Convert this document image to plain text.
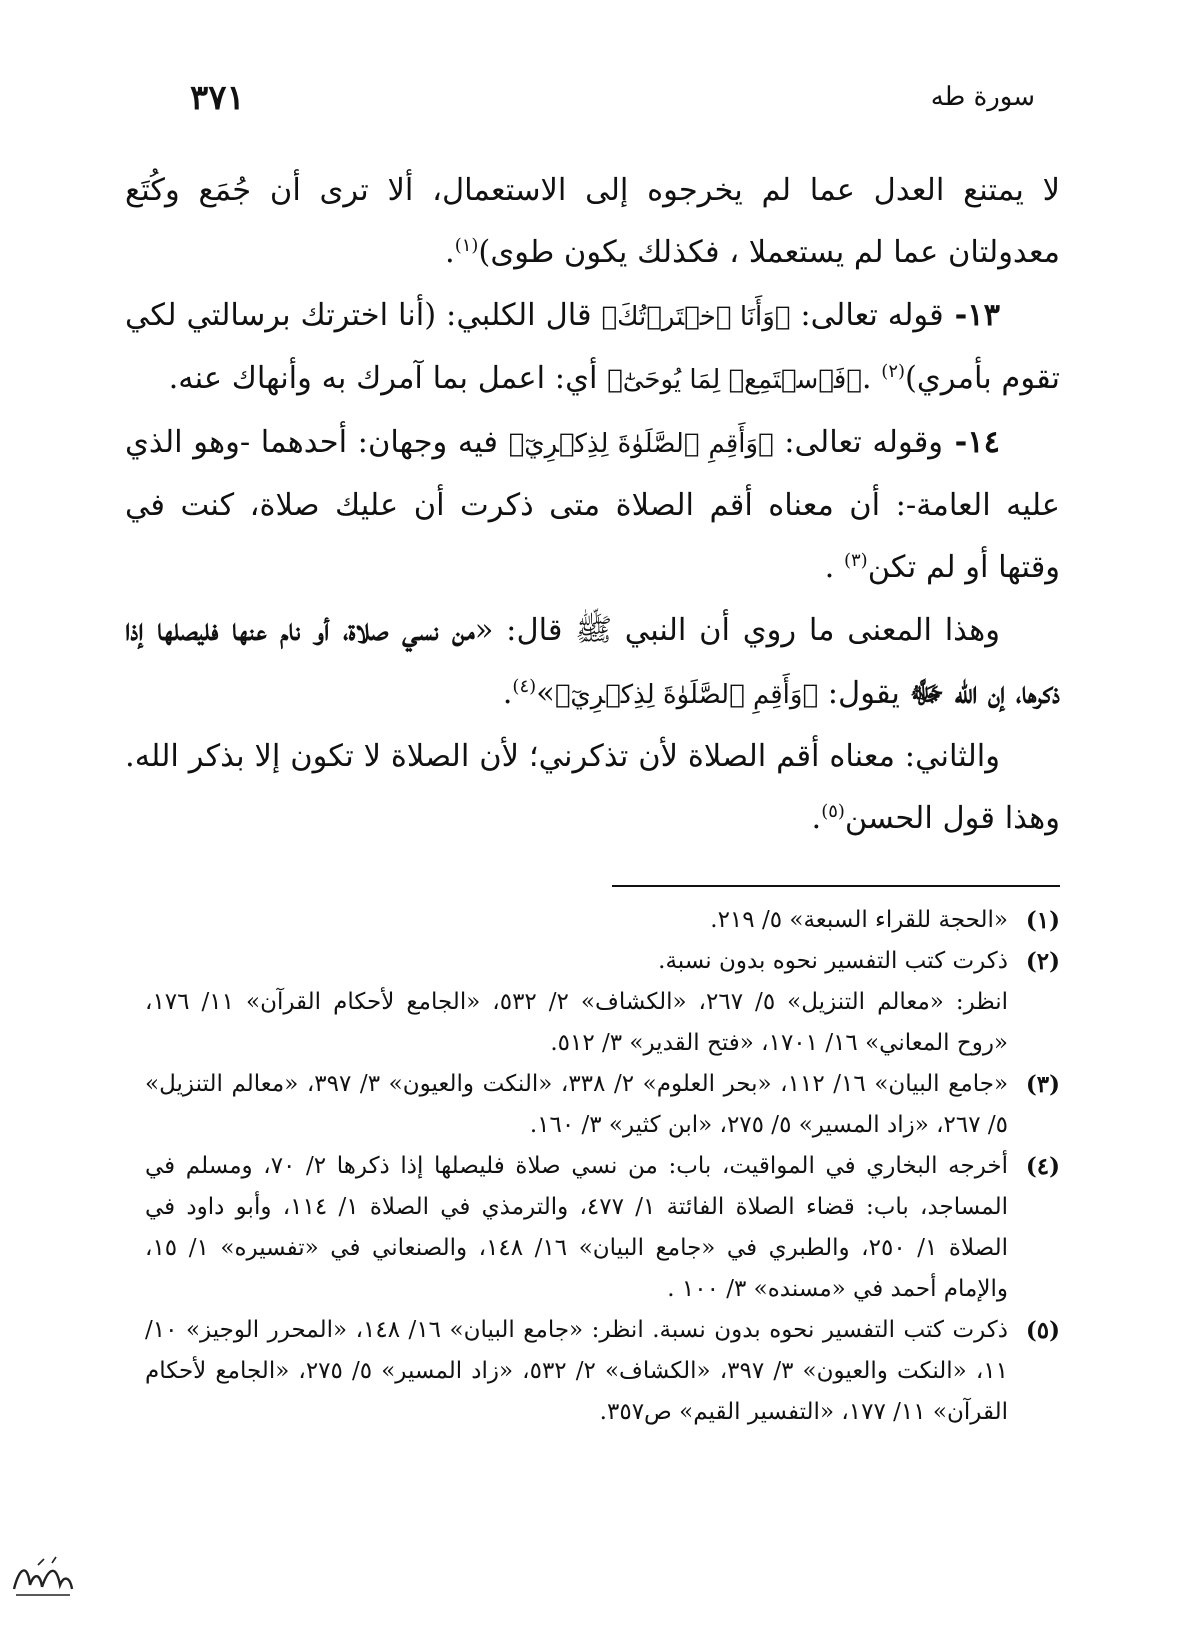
٣٧١	سورة طه

لا يمتنع العدل عما لم يخرجوه إلى الاستعمال، ألا ترى أن جُمَع وكُتَع معدولتان عما لم يستعملا ، فكذلك يكون طوى)$^{(١)}$.

١٣- قوله تعالى: ﴿وَأَنَا ٱخۡتَرۡتُكَ﴾ قال الكلبي: (أنا اخترتك برسالتي لكي تقوم بأمري)$^{(٢)}$ .﴿فَٱسۡتَمِعۡ لِمَا يُوحَىٰٓ﴾ أي: اعمل بما آمرك به وأنهاك عنه.

١٤- وقوله تعالى: ﴿وَأَقِمِ ٱلصَّلَوٰةَ لِذِكۡرِيٓ﴾ فيه وجهان: أحدهما -وهو الذي عليه العامة-: أن معناه أقم الصلاة متى ذكرت أن عليك صلاة، كنت في وقتها أو لم تكن$^{(٣)}$ .

وهذا المعنى ما روي أن النبي ﷺ قال: «من نسي صلاة، أو نام عنها فليصلها إذا ذكرها، إن الله ﷻ يقول: ﴿وَأَقِمِ ٱلصَّلَوٰةَ لِذِكۡرِيٓ﴾»$^{(٤)}$.

والثاني: معناه أقم الصلاة لأن تذكرني؛ لأن الصلاة لا تكون إلا بذكر الله. وهذا قول الحسن$^{(٥)}$.

(١)
«الحجة للقراء السبعة» ٥/ ٢١٩.
(٢)
ذكرت كتب التفسير نحوه بدون نسبة.
انظر: «معالم التنزيل» ٥/ ٢٦٧، «الكشاف» ٢/ ٥٣٢، «الجامع لأحكام القرآن» ١١/ ١٧٦، «روح المعاني» ١٦/ ١٧٠١، «فتح القدير» ٣/ ٥١٢.
(٣)
«جامع البيان» ١٦/ ١١٢، «بحر العلوم» ٢/ ٣٣٨، «النكت والعيون» ٣/ ٣٩٧، «معالم التنزيل» ٥/ ٢٦٧، «زاد المسير» ٥/ ٢٧٥، «ابن كثير» ٣/ ١٦٠.
(٤)
أخرجه البخاري في المواقيت، باب: من نسي صلاة فليصلها إذا ذكرها ٢/ ٧٠، ومسلم في المساجد، باب: قضاء الصلاة الفائتة ١/ ٤٧٧، والترمذي في الصلاة ١/ ١١٤، وأبو داود في الصلاة ١/ ٢٥٠، والطبري في «جامع البيان» ١٦/ ١٤٨، والصنعاني في «تفسيره» ١/ ١٥، والإمام أحمد في «مسنده» ٣/ ١٠٠ .
(٥)
ذكرت كتب التفسير نحوه بدون نسبة. انظر: «جامع البيان» ١٦/ ١٤٨، «المحرر الوجيز» ١٠/ ١١، «النكت والعيون» ٣/ ٣٩٧، «الكشاف» ٢/ ٥٣٢، «زاد المسير» ٥/ ٢٧٥، «الجامع لأحكام القرآن» ١١/ ١٧٧، «التفسير القيم» ص٣٥٧.
